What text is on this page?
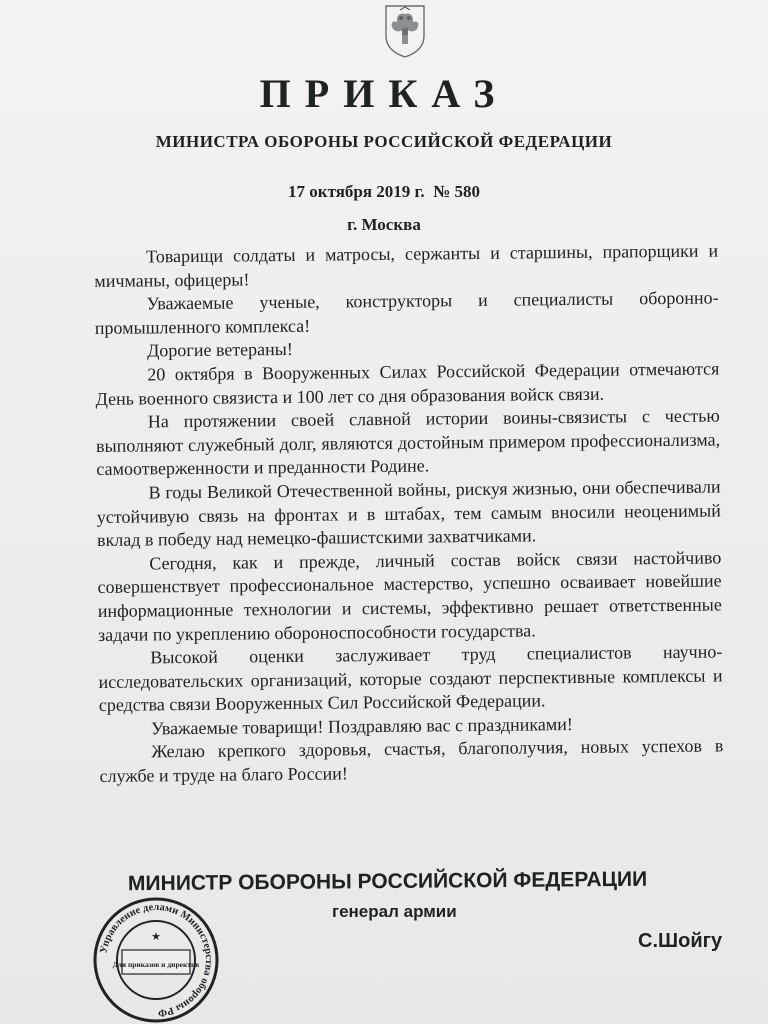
ПРИКАЗ
МИНИСТРА ОБОРОНЫ РОССИЙСКОЙ ФЕДЕРАЦИИ
17 октября 2019 г. № 580
г. Москва

Товарищи солдаты и матросы, сержанты и старшины, прапорщики и мичманы, офицеры!

Уважаемые ученые, конструкторы и специалисты оборонно-промышленного комплекса!

Дорогие ветераны!

20 октября в Вооруженных Силах Российской Федерации отмечаются День военного связиста и 100 лет со дня образования войск связи.

На протяжении своей славной истории воины-связисты с честью выполняют служебный долг, являются достойным примером профессионализма, самоотверженности и преданности Родине.

В годы Великой Отечественной войны, рискуя жизнью, они обеспечивали устойчивую связь на фронтах и в штабах, тем самым вносили неоценимый вклад в победу над немецко-фашистскими захватчиками.

Сегодня, как и прежде, личный состав войск связи настойчиво совершенствует профессиональное мастерство, успешно осваивает новейшие информационные технологии и системы, эффективно решает ответственные задачи по укреплению обороноспособности государства.

Высокой оценки заслуживает труд специалистов научно-исследовательских организаций, которые создают перспективные комплексы и средства связи Вооруженных Сил Российской Федерации.

Уважаемые товарищи! Поздравляю вас с праздниками!

Желаю крепкого здоровья, счастья, благополучия, новых успехов в службе и труде на благо России!

МИНИСТР ОБОРОНЫ РОССИЙСКОЙ ФЕДЕРАЦИИ
генерал армии
С.Шойгу
Управление делами Министерства обороны РФ
★
Для приказов и директив
